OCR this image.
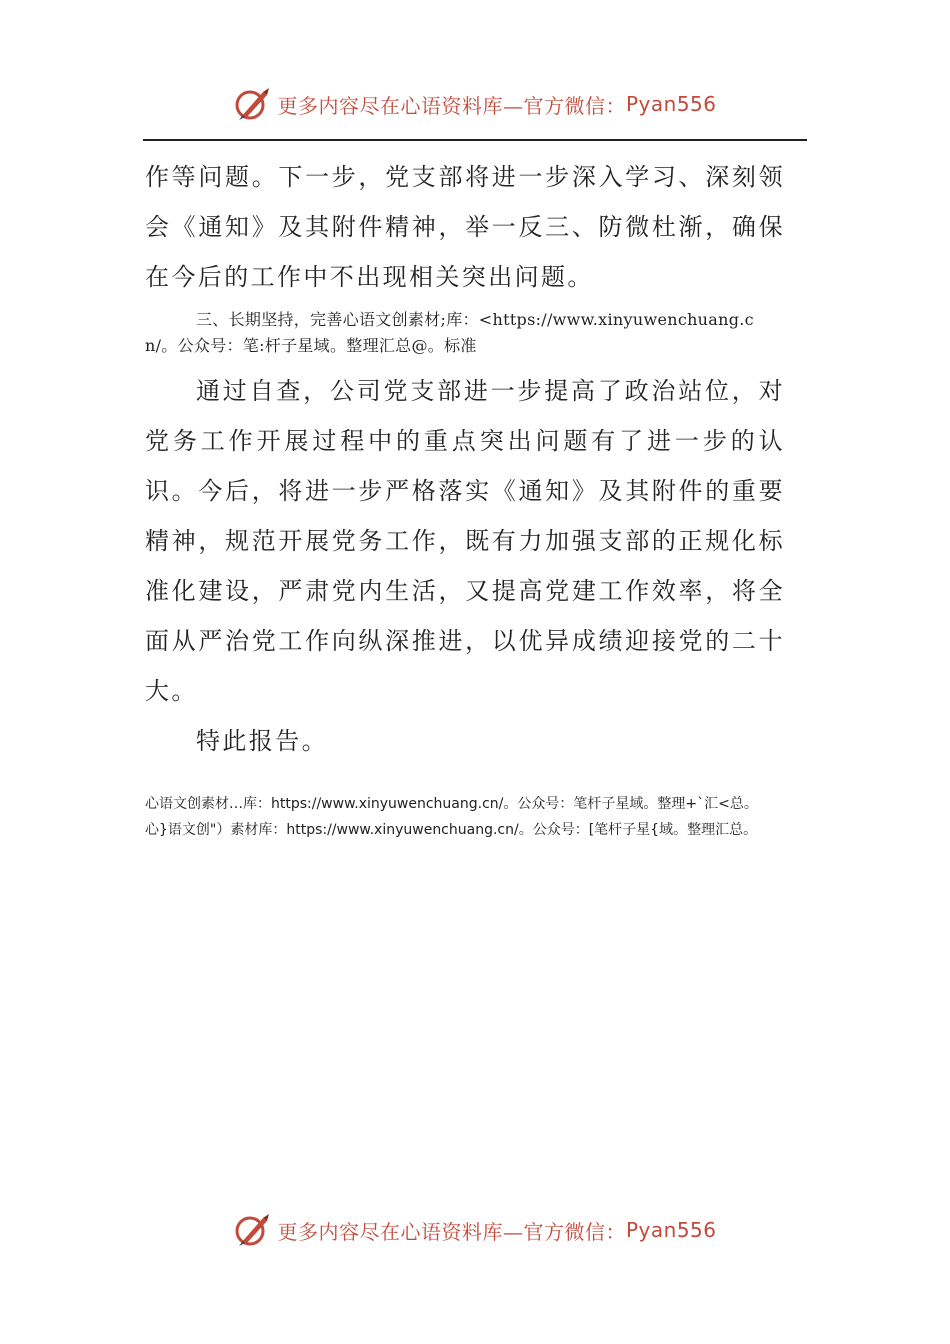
更多内容尽在心语资料库—官方微信： Pyan556

作等问题。下一步，党支部将进一步深入学习、深刻领会《通知》及其附件精神，举一反三、防微杜渐，确保在今后的工作中不出现相关突出问题。

三、长期坚持，完善心语文创素材;库：<https://www.xinyuwenchuang.cn/。公众号：笔:杆子星域。整理汇总@。标准

通过自查，公司党支部进一步提高了政治站位，对党务工作开展过程中的重点突出问题有了进一步的认识。今后，将进一步严格落实《通知》及其附件的重要精神，规范开展党务工作，既有力加强支部的正规化标准化建设，严肃党内生活，又提高党建工作效率，将全面从严治党工作向纵深推进，以优异成绩迎接党的二十大。

特此报告。

心语文创素材…库：https://www.xinyuwenchuang.cn/。公众号：笔杆子星域。整理+`汇<总。
心}语文创"）素材库：https://www.xinyuwenchuang.cn/。公众号：[笔杆子星{域。整理汇总。
更多内容尽在心语资料库—官方微信： Pyan556
